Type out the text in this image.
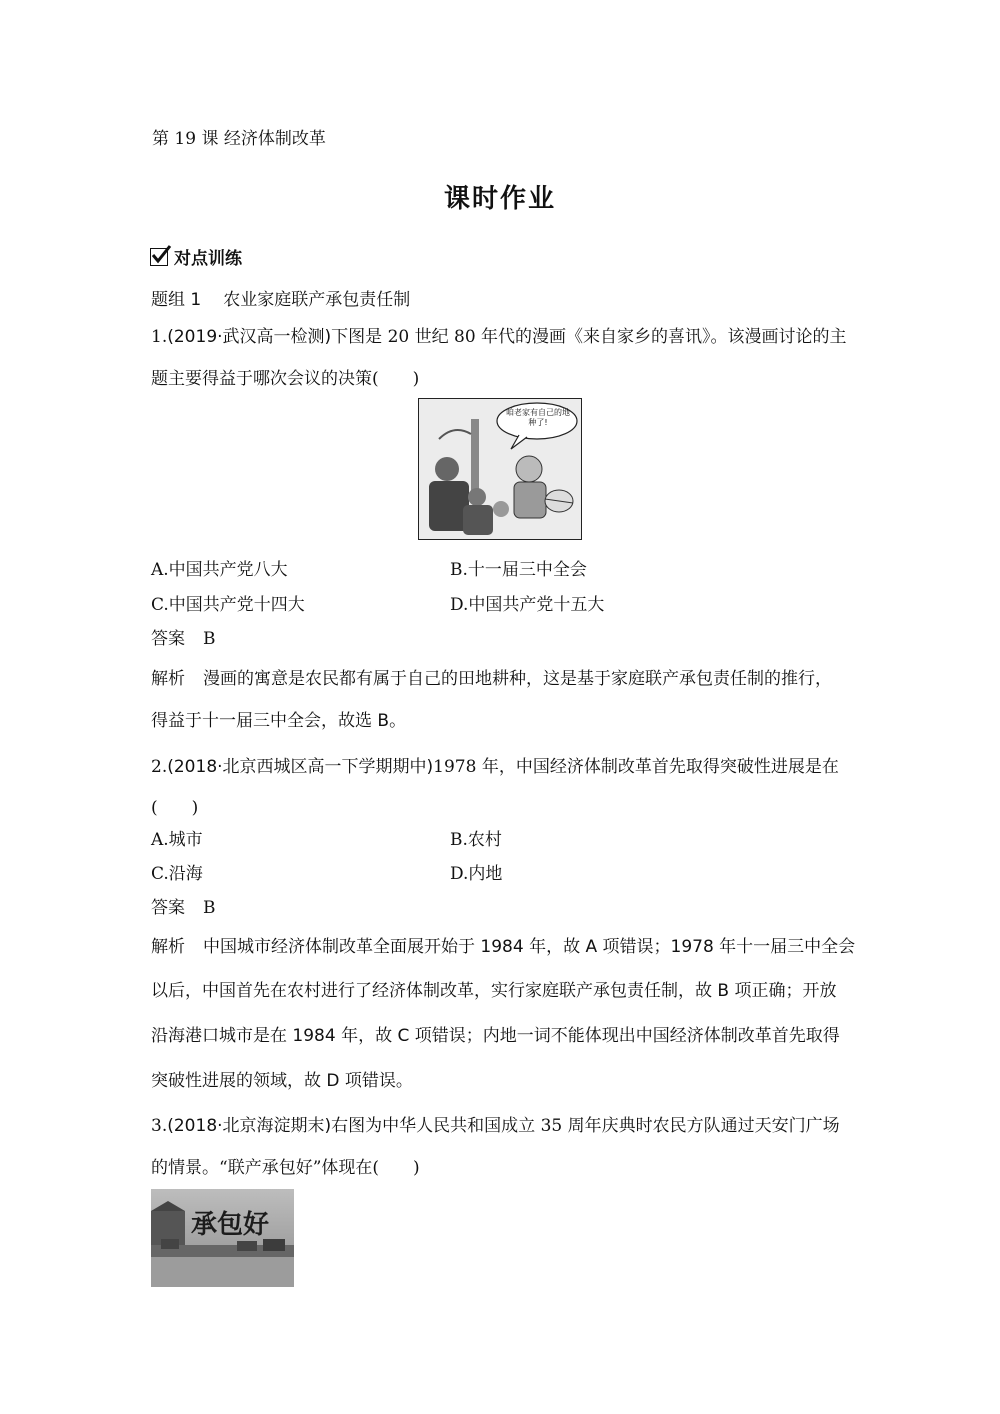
第 19 课 经济体制改革
课时作业
对点训练
题组 1 农业家庭联产承包责任制
1.(2019·武汉高一检测)下图是 20 世纪 80 年代的漫画《来自家乡的喜讯》。该漫画讨论的主
题主要得益于哪次会议的决策(　　)
咱老家有自己的地种了!
A.中国共产党八大	B.十一届三中全会
C.中国共产党十四大	D.中国共产党十五大
答案 B
解析 漫画的寓意是农民都有属于自己的田地耕种，这是基于家庭联产承包责任制的推行，
得益于十一届三中全会，故选 B。
2.(2018·北京西城区高一下学期期中)1978 年，中国经济体制改革首先取得突破性进展是在
(　　)
A.城市	B.农村
C.沿海	D.内地
答案 B
解析 中国城市经济体制改革全面展开始于 1984 年，故 A 项错误；1978 年十一届三中全会
以后，中国首先在农村进行了经济体制改革，实行家庭联产承包责任制，故 B 项正确；开放
沿海港口城市是在 1984 年，故 C 项错误；内地一词不能体现出中国经济体制改革首先取得
突破性进展的领域，故 D 项错误。
3.(2018·北京海淀期末)右图为中华人民共和国成立 35 周年庆典时农民方队通过天安门广场
的情景。“联产承包好”体现在(　　)
承包好
